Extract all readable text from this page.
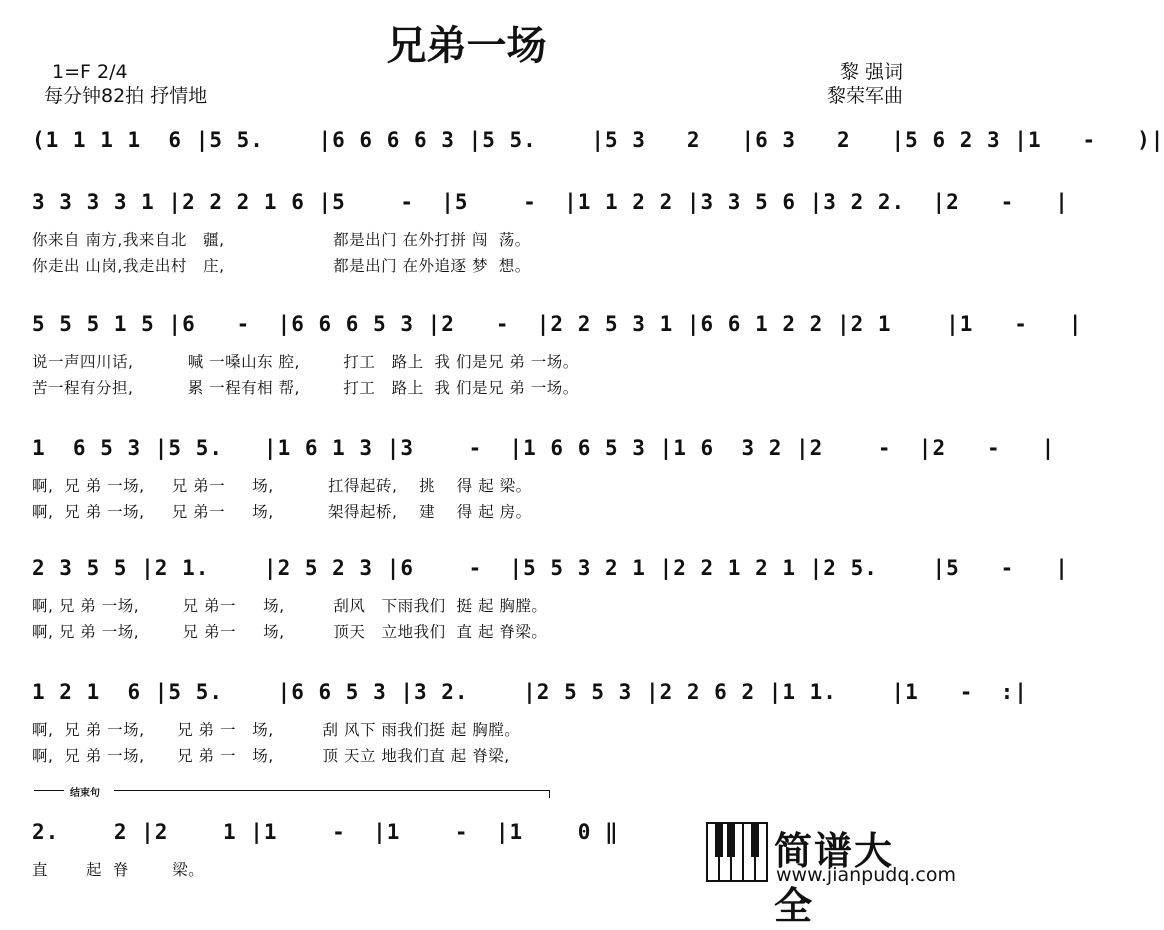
兄弟一场
1=F 2/4
每分钟82拍 抒情地
黎 强词
黎荣军曲
(1 1 1 1  6 |5 5.    |6 6 6 6 3 |5 5.    |5 3   2   |6 3   2   |5 6 2 3 |1   -   )|
3 3 3 3 1 |2 2 2 1 6 |5    -  |5    -  |1 1 2 2 |3 3 5 6 |3 2 2.  |2   -   |
你来自 南方,我来自北   疆,                    都是出门 在外打拼 闯  荡。
你走出 山岗,我走出村   庄,                    都是出门 在外追逐 梦  想。
5 5 5 1 5 |6   -  |6 6 6 5 3 |2   -  |2 2 5 3 1 |6 6 1 2 2 |2 1    |1   -   |
说一声四川话,          喊 一嗓山东 腔,        打工   路上  我 们是兄 弟 一场。
苦一程有分担,          累 一程有相 帮,        打工   路上  我 们是兄 弟 一场。
1  6 5 3 |5 5.   |1 6 1 3 |3    -  |1 6 6 5 3 |1 6  3 2 |2    -  |2   -   |
啊,  兄 弟 一场,     兄 弟一     场,          扛得起砖,    挑    得 起 梁。
啊,  兄 弟 一场,     兄 弟一     场,          架得起桥,    建    得 起 房。
2 3 5 5 |2 1.    |2 5 2 3 |6    -  |5 5 3 2 1 |2 2 1 2 1 |2 5.    |5   -   |
啊, 兄 弟 一场,        兄 弟一     场,         刮风   下雨我们  挺 起 胸膛。
啊, 兄 弟 一场,        兄 弟一     场,         顶天   立地我们  直 起 脊梁。
1 2 1  6 |5 5.    |6 6 5 3 |3 2.    |2 5 5 3 |2 2 6 2 |1 1.    |1   -  :|
啊,  兄 弟 一场,      兄 弟 一   场,         刮 风下 雨我们挺 起 胸膛。
啊,  兄 弟 一场,      兄 弟 一   场,         顶 天立 地我们直 起 脊梁,
结束句
2.    2 |2    1 |1    -  |1    -  |1    0 ‖
直       起  脊        梁。	简谱大全
www.jianpudq.com
